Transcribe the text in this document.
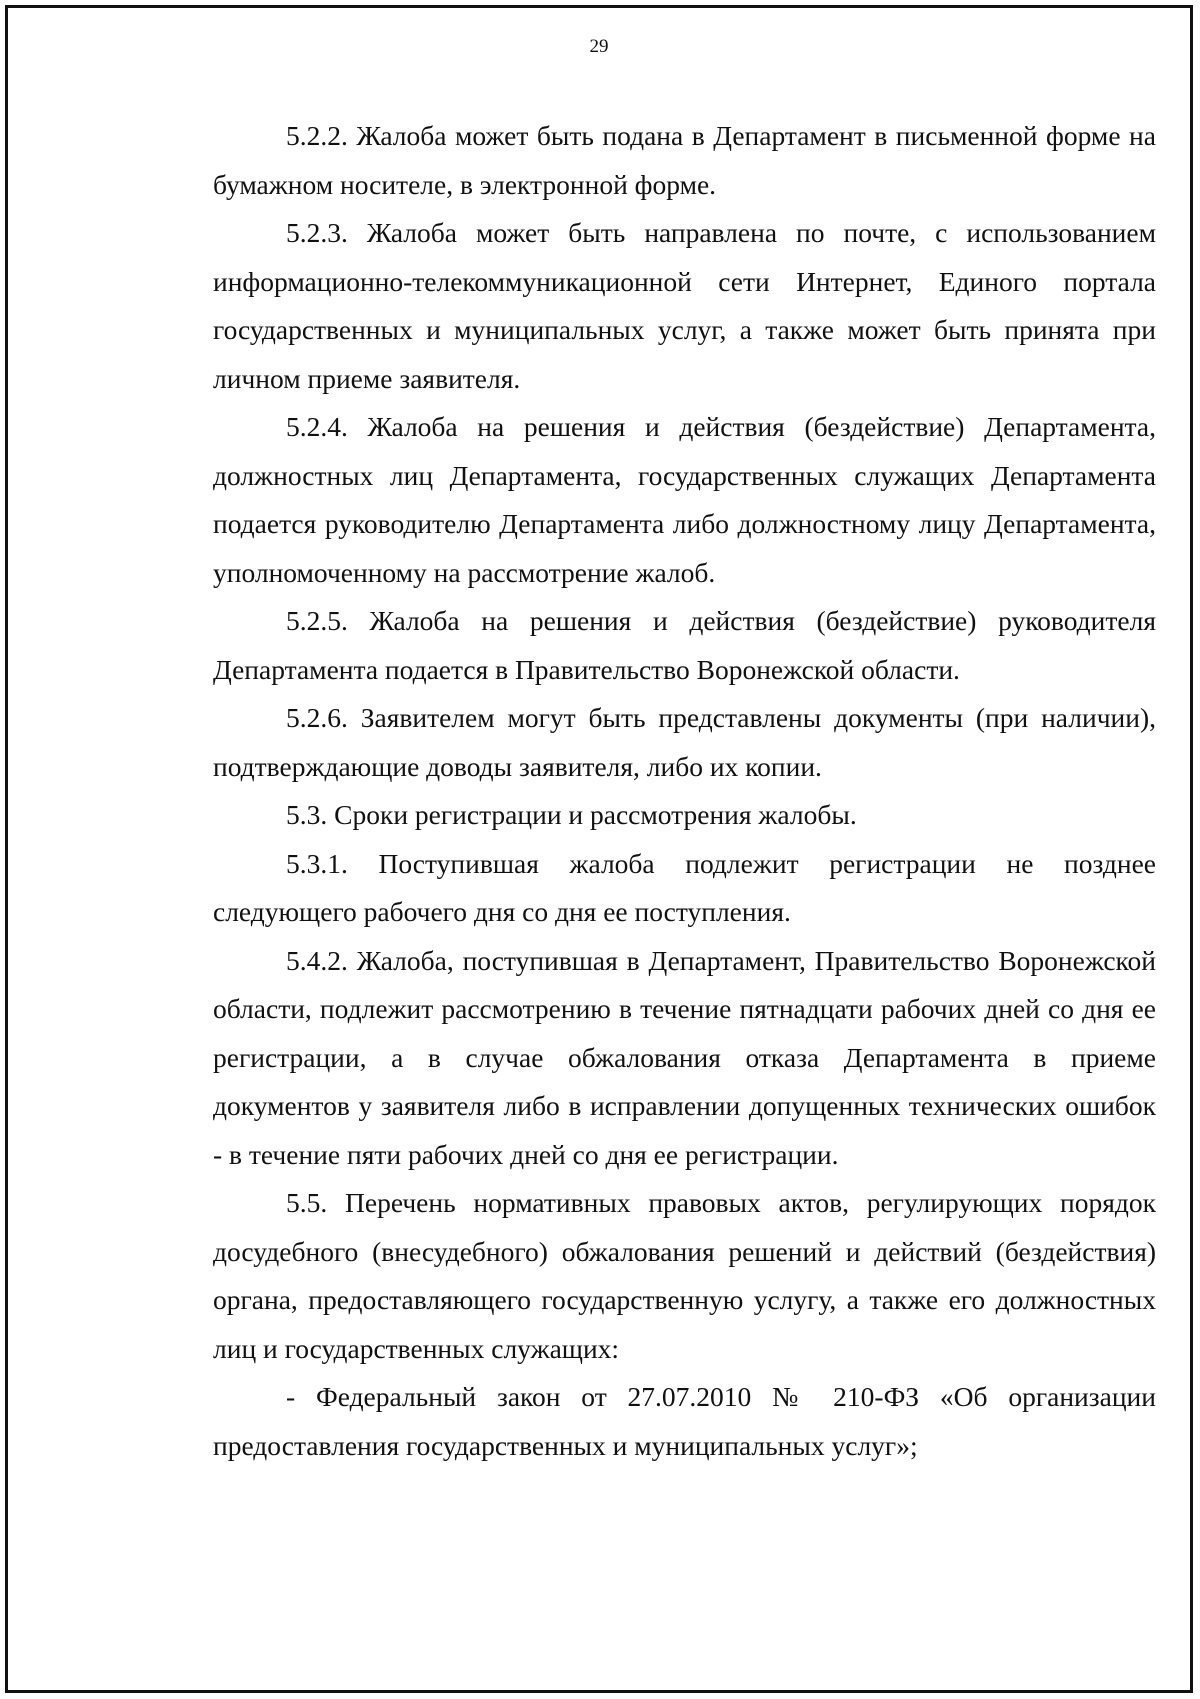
29

5.2.2. Жалоба может быть подана в Департамент в письменной форме на бумажном носителе, в электронной форме.

5.2.3. Жалоба может быть направлена по почте, с использованием информационно-телекоммуникационной сети Интернет, Единого портала государственных и муниципальных услуг, а также может быть принята при личном приеме заявителя.

5.2.4. Жалоба на решения и действия (бездействие) Департамента, должностных лиц Департамента, государственных служащих Департамента подается руководителю Департамента либо должностному лицу Департамента, уполномоченному на рассмотрение жалоб.

5.2.5. Жалоба на решения и действия (бездействие) руководителя Департамента подается в Правительство Воронежской области.

5.2.6. Заявителем могут быть представлены документы (при наличии), подтверждающие доводы заявителя, либо их копии.

5.3. Сроки регистрации и рассмотрения жалобы.

5.3.1. Поступившая жалоба подлежит регистрации не позднее следующего рабочего дня со дня ее поступления.

5.4.2. Жалоба, поступившая в Департамент, Правительство Воронежской области, подлежит рассмотрению в течение пятнадцати рабочих дней со дня ее регистрации, а в случае обжалования отказа Департамента в приеме документов у заявителя либо в исправлении допущенных технических ошибок - в течение пяти рабочих дней со дня ее регистрации.

5.5. Перечень нормативных правовых актов, регулирующих порядок досудебного (внесудебного) обжалования решений и действий (бездействия) органа, предоставляющего государственную услугу, а также его должностных лиц и государственных служащих:

- Федеральный закон от 27.07.2010 № 210-ФЗ «Об организации предоставления государственных и муниципальных услуг»;
